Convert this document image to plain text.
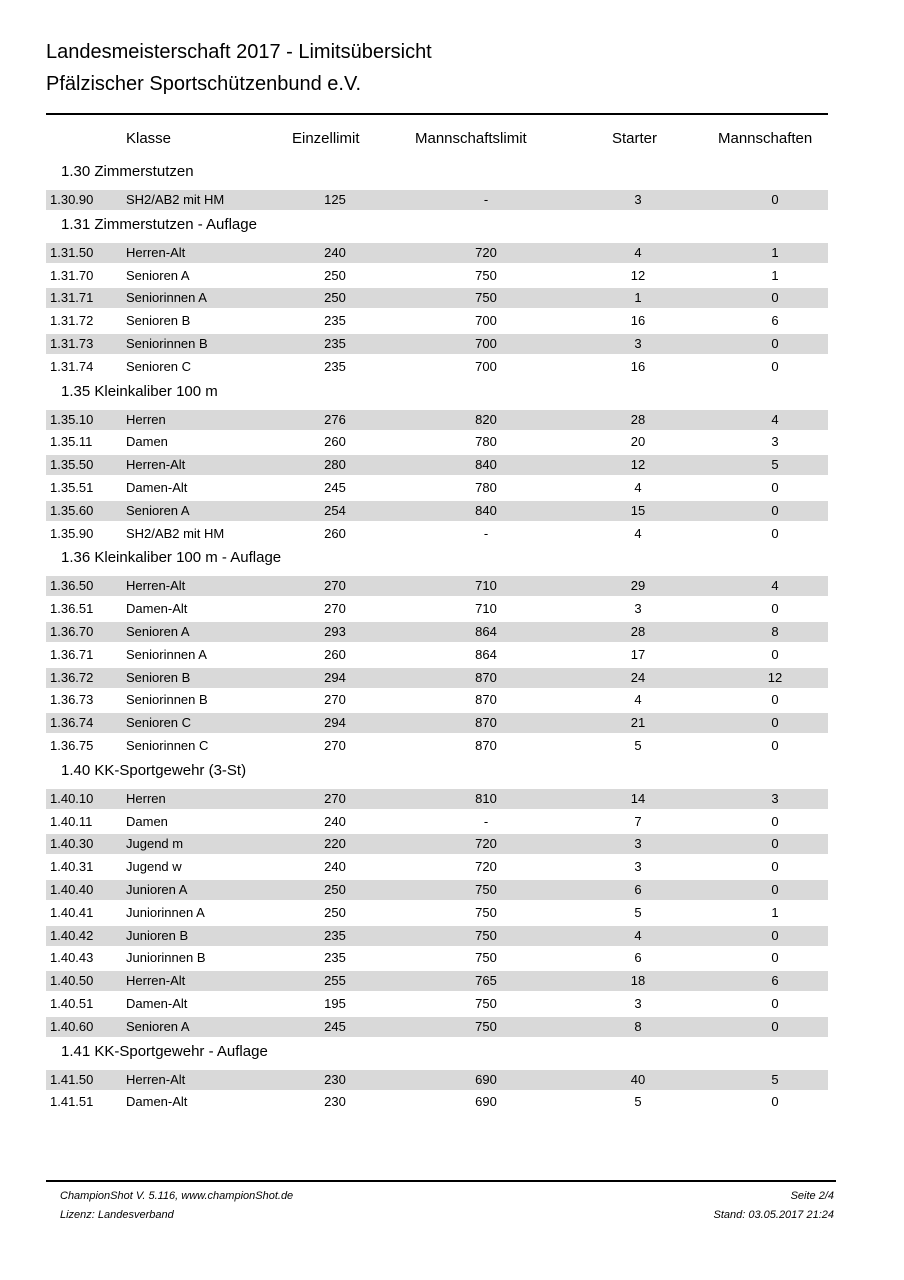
Landesmeisterschaft 2017 - Limitsübersicht
Pfälzischer Sportschützenbund e.V.
Klasse	Einzellimit	Mannschaftslimit	Starter	Mannschaften
1.30 Zimmerstutzen
1.30.90	SH2/AB2 mit HM	125	-	3	0
1.31 Zimmerstutzen - Auflage
1.31.50	Herren-Alt	240	720	4	1
1.31.70	Senioren A	250	750	12	1
1.31.71	Seniorinnen A	250	750	1	0
1.31.72	Senioren B	235	700	16	6
1.31.73	Seniorinnen B	235	700	3	0
1.31.74	Senioren C	235	700	16	0
1.35 Kleinkaliber 100 m
1.35.10	Herren	276	820	28	4
1.35.11	Damen	260	780	20	3
1.35.50	Herren-Alt	280	840	12	5
1.35.51	Damen-Alt	245	780	4	0
1.35.60	Senioren A	254	840	15	0
1.35.90	SH2/AB2 mit HM	260	-	4	0
1.36 Kleinkaliber 100 m - Auflage
1.36.50	Herren-Alt	270	710	29	4
1.36.51	Damen-Alt	270	710	3	0
1.36.70	Senioren A	293	864	28	8
1.36.71	Seniorinnen A	260	864	17	0
1.36.72	Senioren B	294	870	24	12
1.36.73	Seniorinnen B	270	870	4	0
1.36.74	Senioren C	294	870	21	0
1.36.75	Seniorinnen C	270	870	5	0
1.40 KK-Sportgewehr (3-St)
1.40.10	Herren	270	810	14	3
1.40.11	Damen	240	-	7	0
1.40.30	Jugend m	220	720	3	0
1.40.31	Jugend w	240	720	3	0
1.40.40	Junioren A	250	750	6	0
1.40.41	Juniorinnen A	250	750	5	1
1.40.42	Junioren B	235	750	4	0
1.40.43	Juniorinnen B	235	750	6	0
1.40.50	Herren-Alt	255	765	18	6
1.40.51	Damen-Alt	195	750	3	0
1.40.60	Senioren A	245	750	8	0
1.41 KK-Sportgewehr - Auflage
1.41.50	Herren-Alt	230	690	40	5
1.41.51	Damen-Alt	230	690	5	0
ChampionShot V. 5.116, www.championShot.de
Lizenz: Landesverband
Seite 2/4
Stand: 03.05.2017 21:24
